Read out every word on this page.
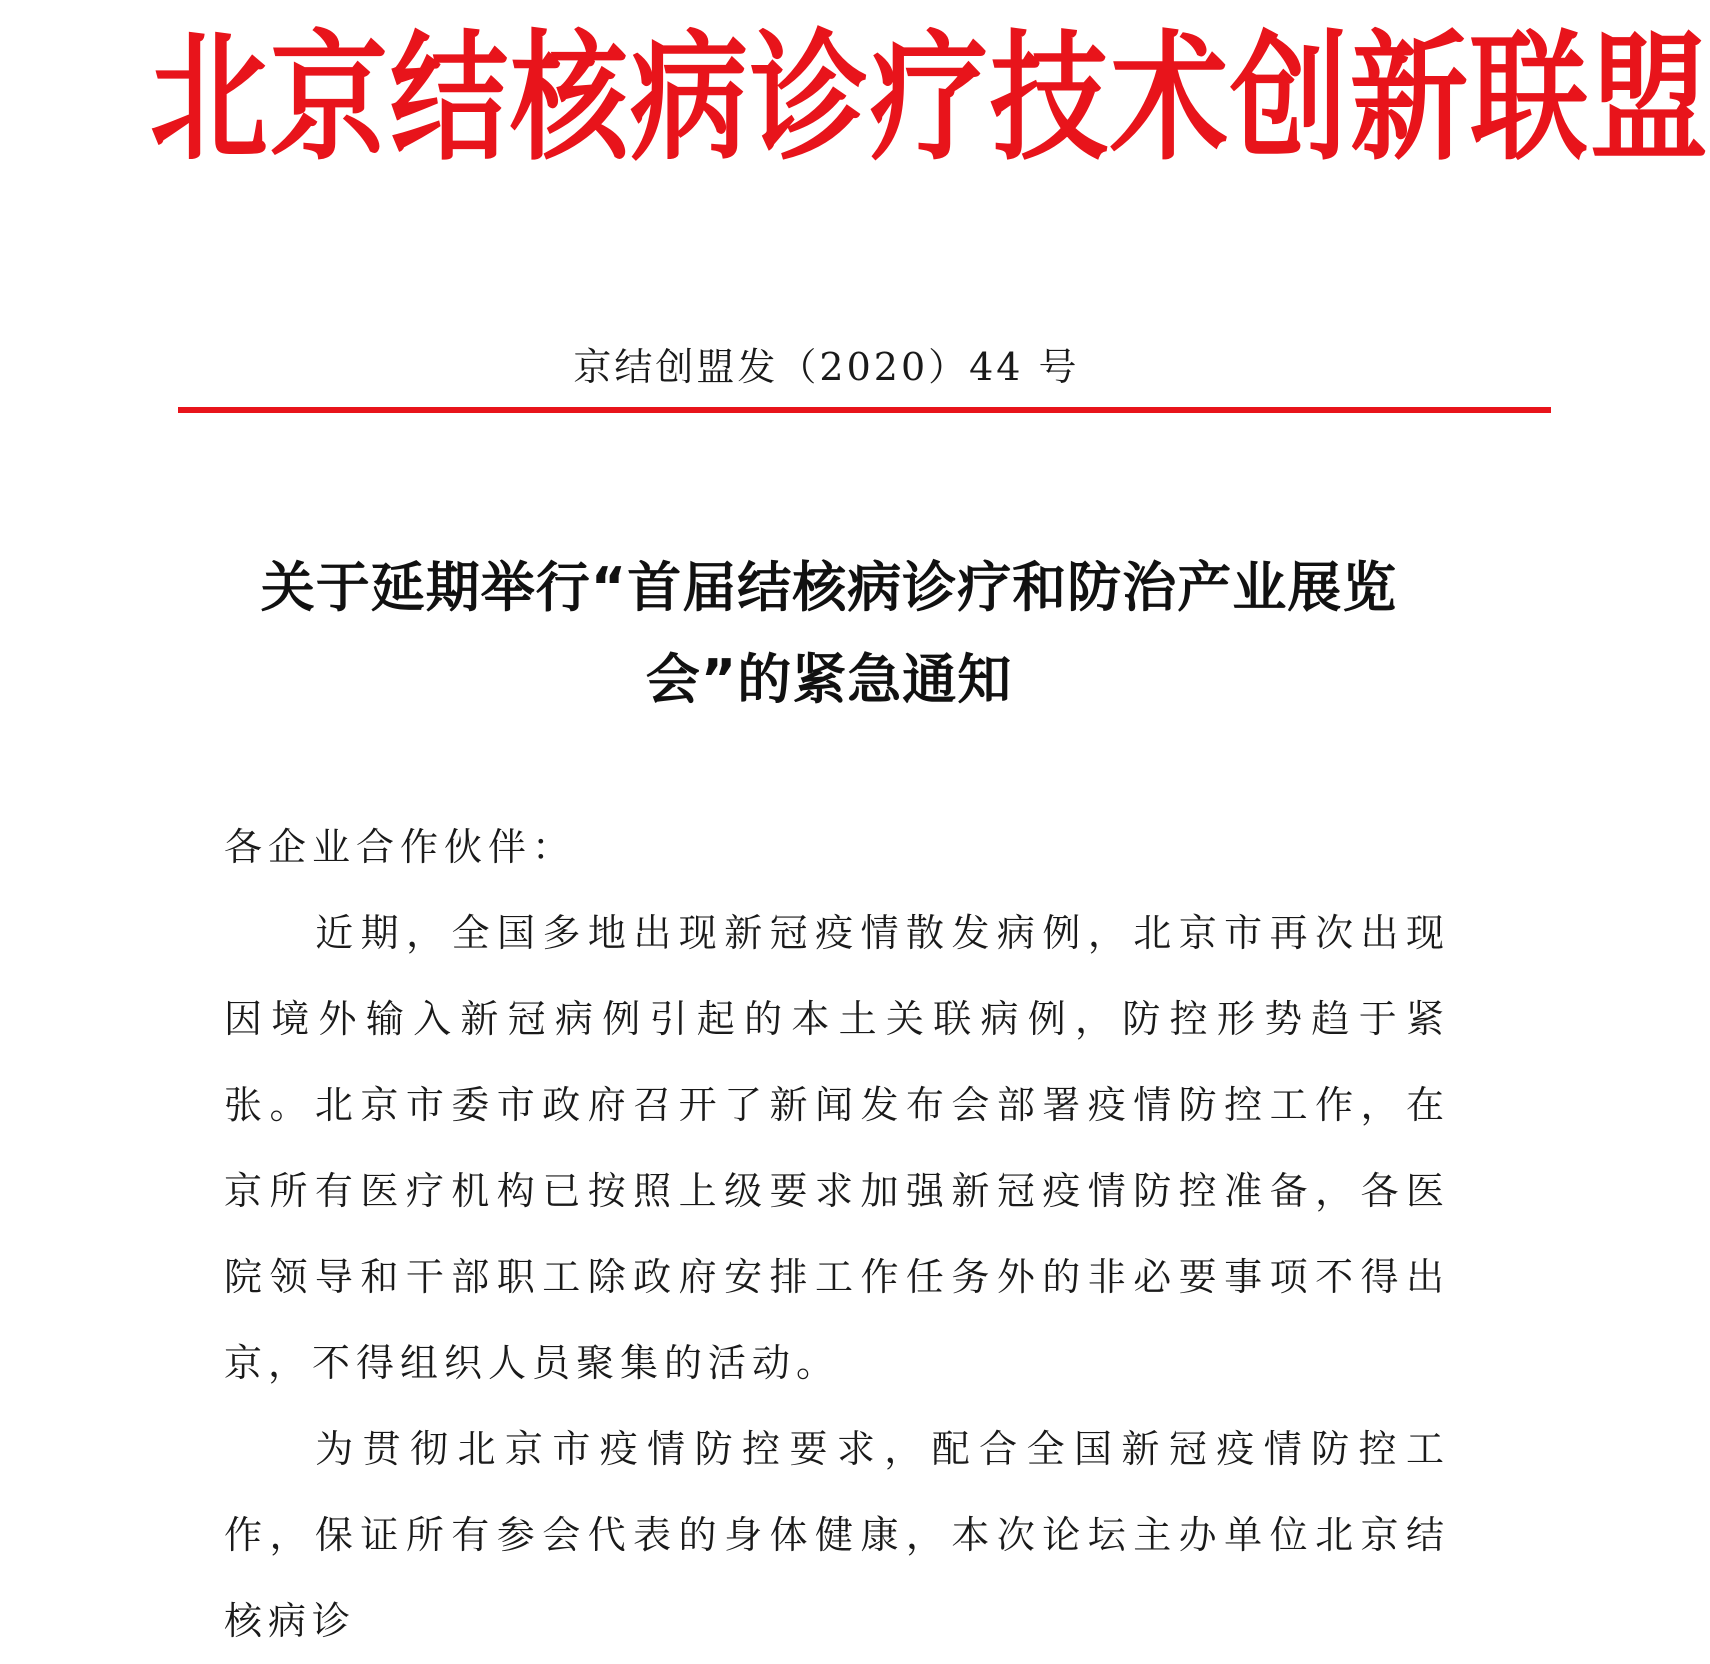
北京结核病诊疗技术创新联盟
京结创盟发（2020）44 号
关于延期举行“首届结核病诊疗和防治产业展览会”的紧急通知

各企业合作伙伴：

近期，全国多地出现新冠疫情散发病例，北京市再次出现因境外输入新冠病例引起的本土关联病例，防控形势趋于紧张。北京市委市政府召开了新闻发布会部署疫情防控工作，在京所有医疗机构已按照上级要求加强新冠疫情防控准备，各医院领导和干部职工除政府安排工作任务外的非必要事项不得出京，不得组织人员聚集的活动。

为贯彻北京市疫情防控要求，配合全国新冠疫情防控工作，保证所有参会代表的身体健康，本次论坛主办单位北京结核病诊
